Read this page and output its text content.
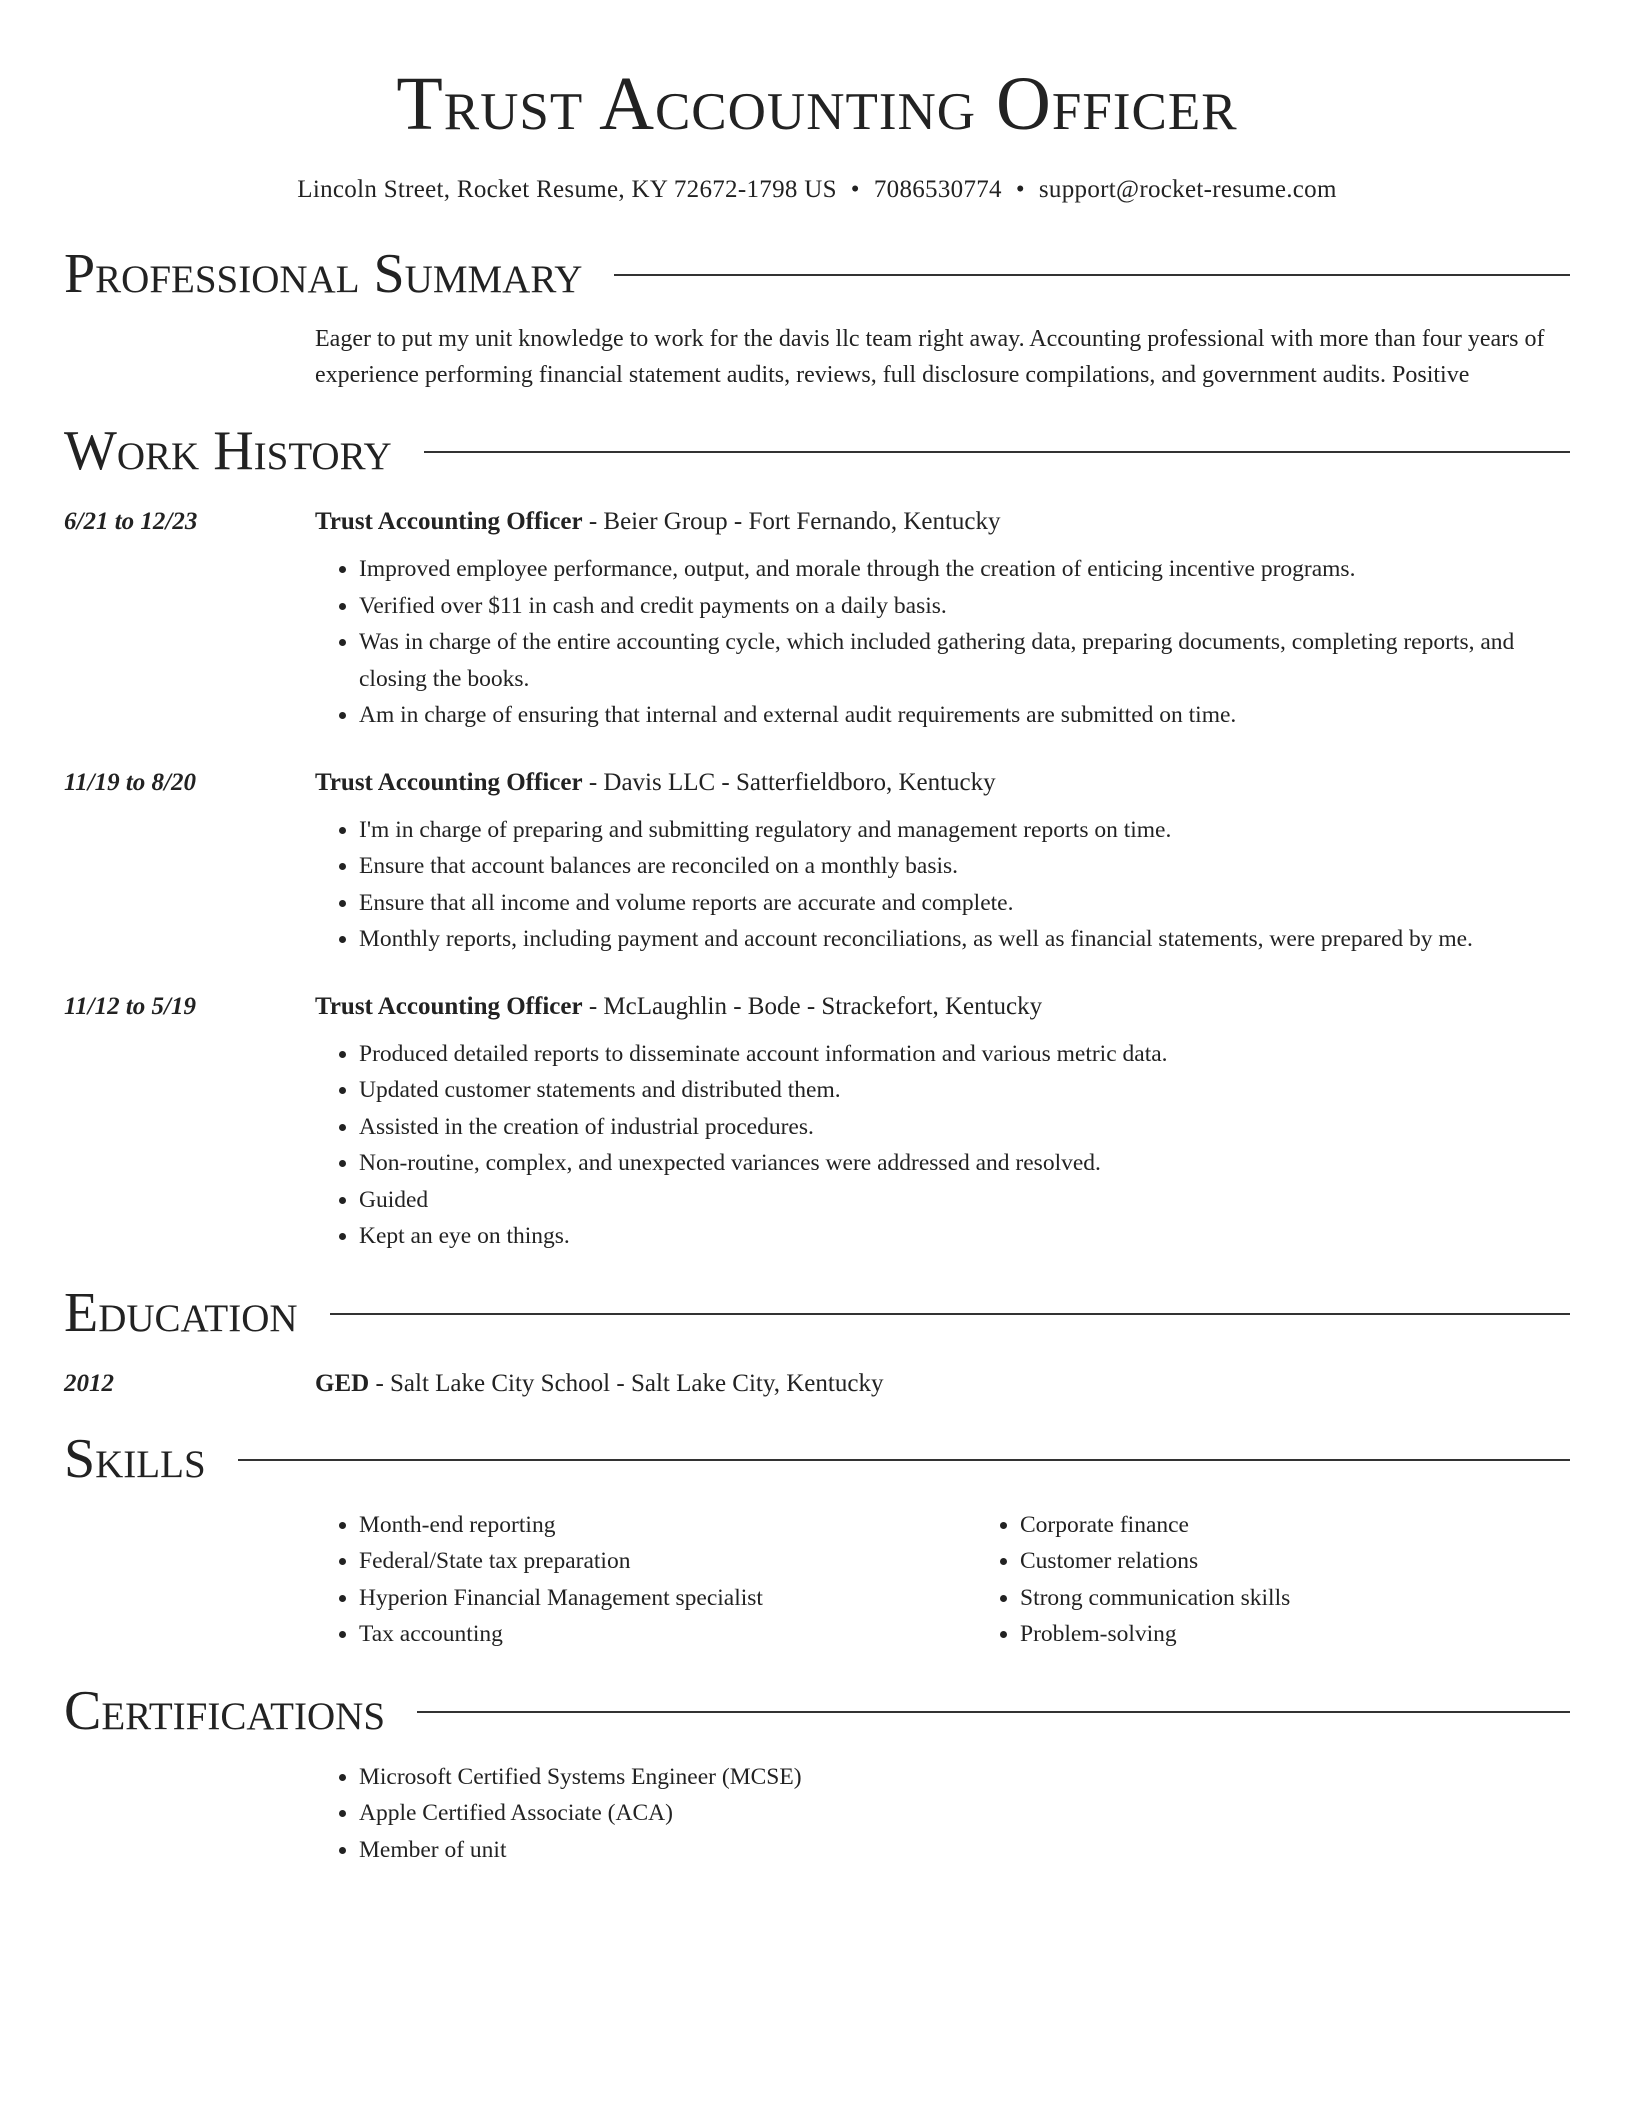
Trust Accounting Officer
Lincoln Street, Rocket Resume, KY 72672-1798 US • 7086530774 • support@rocket-resume.com
Professional Summary
Eager to put my unit knowledge to work for the davis llc team right away. Accounting professional with more than four years of experience performing financial statement audits, reviews, full disclosure compilations, and government audits. Positive
Work History
6/21 to 12/23	Trust Accounting Officer - Beier Group - Fort Fernando, Kentucky
• Improved employee performance, output, and morale through the creation of enticing incentive programs.
• Verified over $11 in cash and credit payments on a daily basis.
• Was in charge of the entire accounting cycle, which included gathering data, preparing documents, completing reports, and closing the books.
• Am in charge of ensuring that internal and external audit requirements are submitted on time.
11/19 to 8/20	Trust Accounting Officer - Davis LLC - Satterfieldboro, Kentucky
• I'm in charge of preparing and submitting regulatory and management reports on time.
• Ensure that account balances are reconciled on a monthly basis.
• Ensure that all income and volume reports are accurate and complete.
• Monthly reports, including payment and account reconciliations, as well as financial statements, were prepared by me.
11/12 to 5/19	Trust Accounting Officer - McLaughlin - Bode - Strackefort, Kentucky
• Produced detailed reports to disseminate account information and various metric data.
• Updated customer statements and distributed them.
• Assisted in the creation of industrial procedures.
• Non-routine, complex, and unexpected variances were addressed and resolved.
• Guided
• Kept an eye on things.
Education
2012	GED - Salt Lake City School - Salt Lake City, Kentucky
Skills
• Month-end reporting
• Federal/State tax preparation
• Hyperion Financial Management specialist
• Tax accounting
• Corporate finance
• Customer relations
• Strong communication skills
• Problem-solving
Certifications
• Microsoft Certified Systems Engineer (MCSE)
• Apple Certified Associate (ACA)
• Member of unit
